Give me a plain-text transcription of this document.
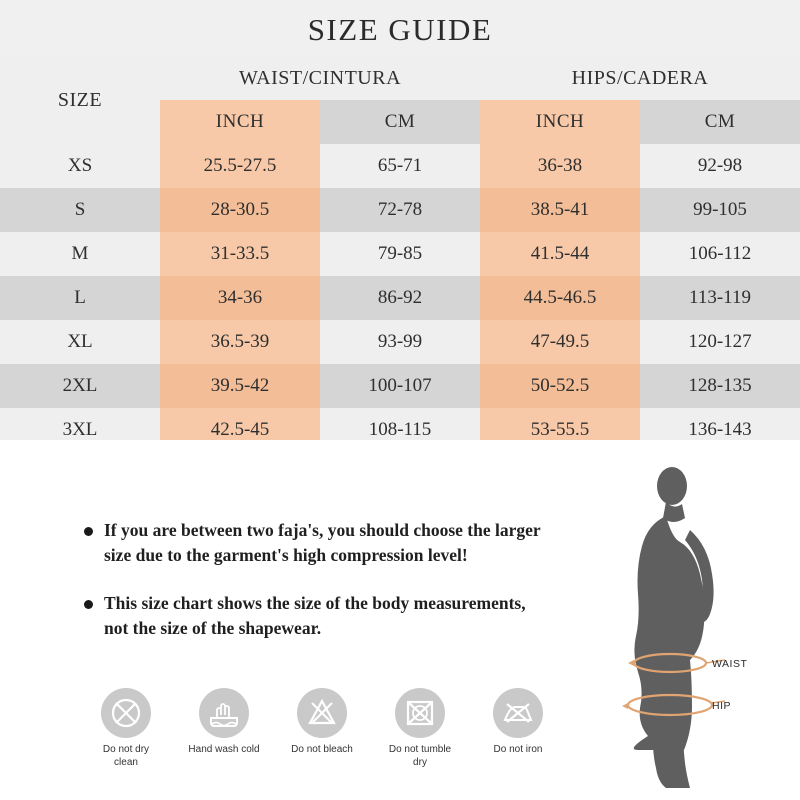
SIZE GUIDE
SIZE	WAIST/CINTURA		HIPS/CADERA	
	INCH	CM	INCH	CM
XS	25.5-27.5	65-71	36-38	92-98
S	28-30.5	72-78	38.5-41	99-105
M	31-33.5	79-85	41.5-44	106-112
L	34-36	86-92	44.5-46.5	113-119
XL	36.5-39	93-99	47-49.5	120-127
2XL	39.5-42	100-107	50-52.5	128-135
3XL	42.5-45	108-115	53-55.5	136-143
If you are between two faja's, you should choose the larger size due to the garment's high compression level!
This size chart shows the size of the body measurements, not the size of the shapewear.
Do not dry clean
Hand wash cold	Do not bleach	Do not tumble dry
Do not iron
WAIST
HIP
